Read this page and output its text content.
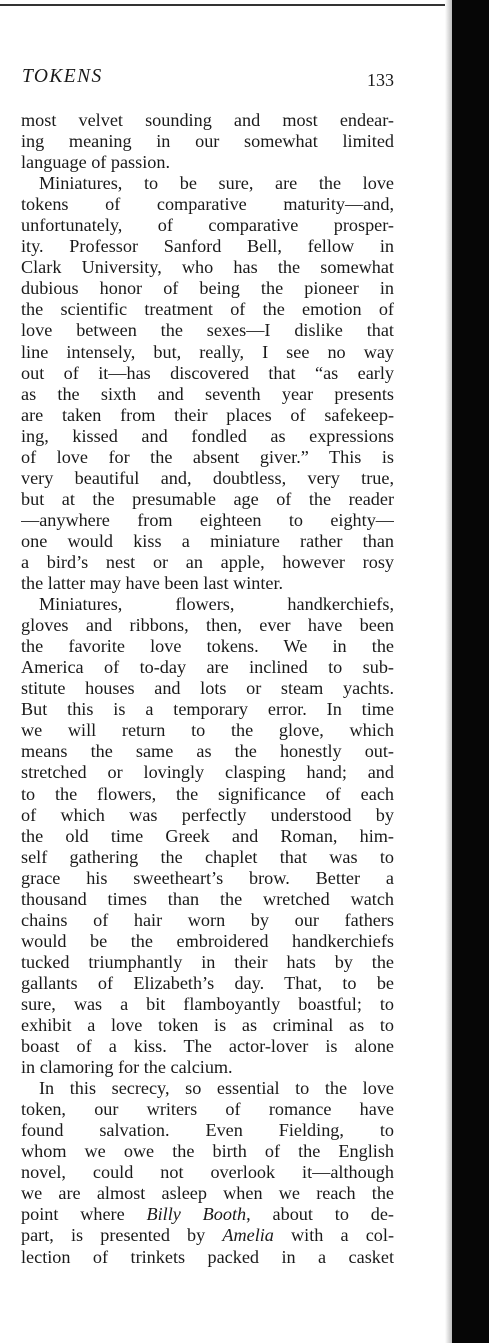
TOKENS	133
most velvet sounding and most endear-
ing meaning in our somewhat limited
language of passion.
Miniatures, to be sure, are the love
tokens of comparative maturity—and,
unfortunately, of comparative prosper-
ity. Professor Sanford Bell, fellow in
Clark University, who has the somewhat
dubious honor of being the pioneer in
the scientific treatment of the emotion of
love between the sexes—I dislike that
line intensely, but, really, I see no way
out of it—has discovered that “as early
as the sixth and seventh year presents
are taken from their places of safekeep-
ing, kissed and fondled as expressions
of love for the absent giver.” This is
very beautiful and, doubtless, very true,
but at the presumable age of the reader
—anywhere from eighteen to eighty—
one would kiss a miniature rather than
a bird’s nest or an apple, however rosy
the latter may have been last winter.
Miniatures, flowers, handkerchiefs,
gloves and ribbons, then, ever have been
the favorite love tokens. We in the
America of to-day are inclined to sub-
stitute houses and lots or steam yachts.
But this is a temporary error. In time
we will return to the glove, which
means the same as the honestly out-
stretched or lovingly clasping hand; and
to the flowers, the significance of each
of which was perfectly understood by
the old time Greek and Roman, him-
self gathering the chaplet that was to
grace his sweetheart’s brow. Better a
thousand times than the wretched watch
chains of hair worn by our fathers
would be the embroidered handkerchiefs
tucked triumphantly in their hats by the
gallants of Elizabeth’s day. That, to be
sure, was a bit flamboyantly boastful; to
exhibit a love token is as criminal as to
boast of a kiss. The actor-lover is alone
in clamoring for the calcium.
In this secrecy, so essential to the love
token, our writers of romance have
found salvation. Even Fielding, to
whom we owe the birth of the English
novel, could not overlook it—although
we are almost asleep when we reach the
point where Billy Booth, about to de-
part, is presented by Amelia with a col-
lection of trinkets packed in a casket
